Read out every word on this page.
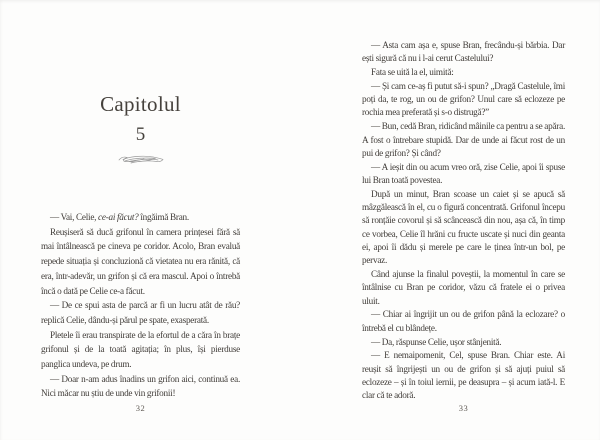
Capitolul
5

— Vai, Celie, ce-ai făcut? îngăimă Bran.

Reușiseră să ducă grifonul în camera prințesei fără să mai întâlnească pe cineva pe coridor. Acolo, Bran evaluă repede situația și concluzionă că vietatea nu era rănită, că era, într-adevăr, un grifon și că era mascul. Apoi o întrebă încă o dată pe Celie ce-a făcut.

— De ce spui asta de parcă ar fi un lucru atât de rău? replică Celie, dându-și părul pe spate, exasperată.

Pletele îi erau transpirate de la efortul de a căra în brațe grifonul și de la toată agitația; în plus, își pierduse panglica undeva, pe drum.

— Doar n-am adus înadins un grifon aici, continuă ea. Nici măcar nu știu de unde vin grifonii!

32

— Asta cam așa e, spuse Bran, frecându-și bărbia. Dar ești sigură că nu i l-ai cerut Castelului?

Fata se uită la el, uimită:

— Și cam ce-aș fi putut să-i spun? „Dragă Castelule, îmi poți da, te rog, un ou de grifon? Unul care să eclozeze pe rochia mea preferată și s-o distrugă?”

— Bun, cedă Bran, ridicând mâinile ca pentru a se apăra. A fost o întrebare stupidă. Dar de unde ai făcut rost de un pui de grifon? Și când?

— A ieșit din ou acum vreo oră, zise Celie, apoi îi spuse lui Bran toată povestea.

După un minut, Bran scoase un caiet și se apucă să mâzgălească în el, cu o figură concentrată. Grifonul începu să ronțăie covorul și să scâncească din nou, așa că, în timp ce vorbea, Celie îl hrăni cu fructe uscate și nuci din geanta ei, apoi îi dădu și merele pe care le ținea într-un bol, pe pervaz.

Când ajunse la finalul poveștii, la momentul în care se întâlnise cu Bran pe coridor, văzu că fratele ei o privea uluit.

— Chiar ai îngrijit un ou de grifon până la eclozare? o întrebă el cu blândețe.

— Da, răspunse Celie, ușor stânjenită.

— E nemaipomenit, Cel, spuse Bran. Chiar este. Ai reușit să îngrijești un ou de grifon și să ajuți puiul să eclozeze – și în toiul iernii, pe deasupra – și acum iată-l. E clar că te adoră.

33
